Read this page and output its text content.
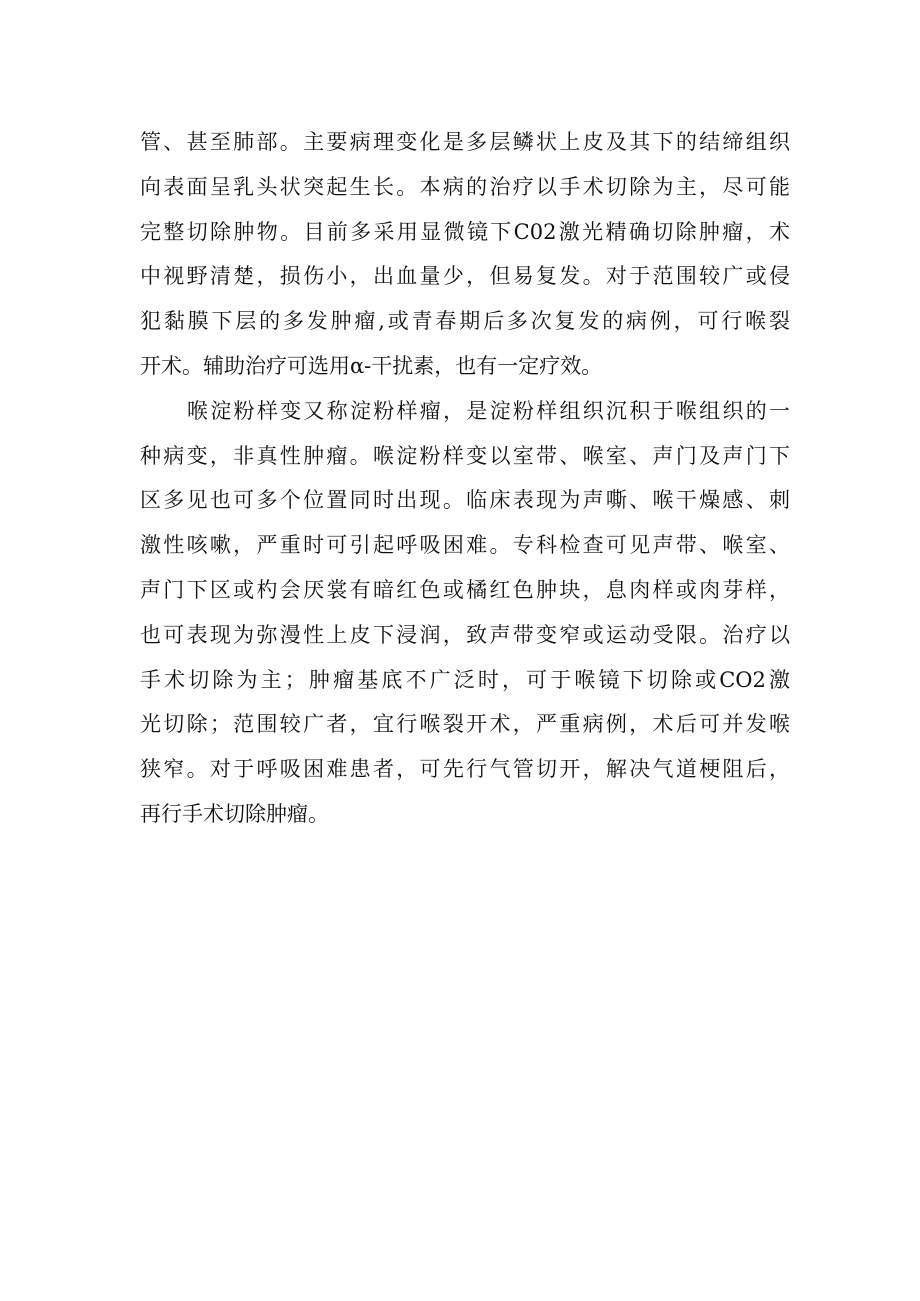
管、甚至肺部。主要病理变化是多层鳞状上皮及其下的结缔组织
向表面呈乳头状突起生长。本病的治疗以手术切除为主，尽可能
完整切除肿物。目前多采用显微镜下C02激光精确切除肿瘤，术
中视野清楚，损伤小，出血量少，但易复发。对于范围较广或侵
犯黏膜下层的多发肿瘤,或青春期后多次复发的病例，可行喉裂
开术。辅助治疗可选用α-干扰素，也有一定疗效。
喉淀粉样变又称淀粉样瘤，是淀粉样组织沉积于喉组织的一
种病变，非真性肿瘤。喉淀粉样变以室带、喉室、声门及声门下
区多见也可多个位置同时出现。临床表现为声嘶、喉干燥感、刺
激性咳嗽，严重时可引起呼吸困难。专科检查可见声带、喉室、
声门下区或杓会厌裳有暗红色或橘红色肿块，息肉样或肉芽样，
也可表现为弥漫性上皮下浸润，致声带变窄或运动受限。治疗以
手术切除为主；肿瘤基底不广泛时，可于喉镜下切除或CO2激
光切除；范围较广者，宜行喉裂开术，严重病例，术后可并发喉
狭窄。对于呼吸困难患者，可先行气管切开，解决气道梗阻后，
再行手术切除肿瘤。
